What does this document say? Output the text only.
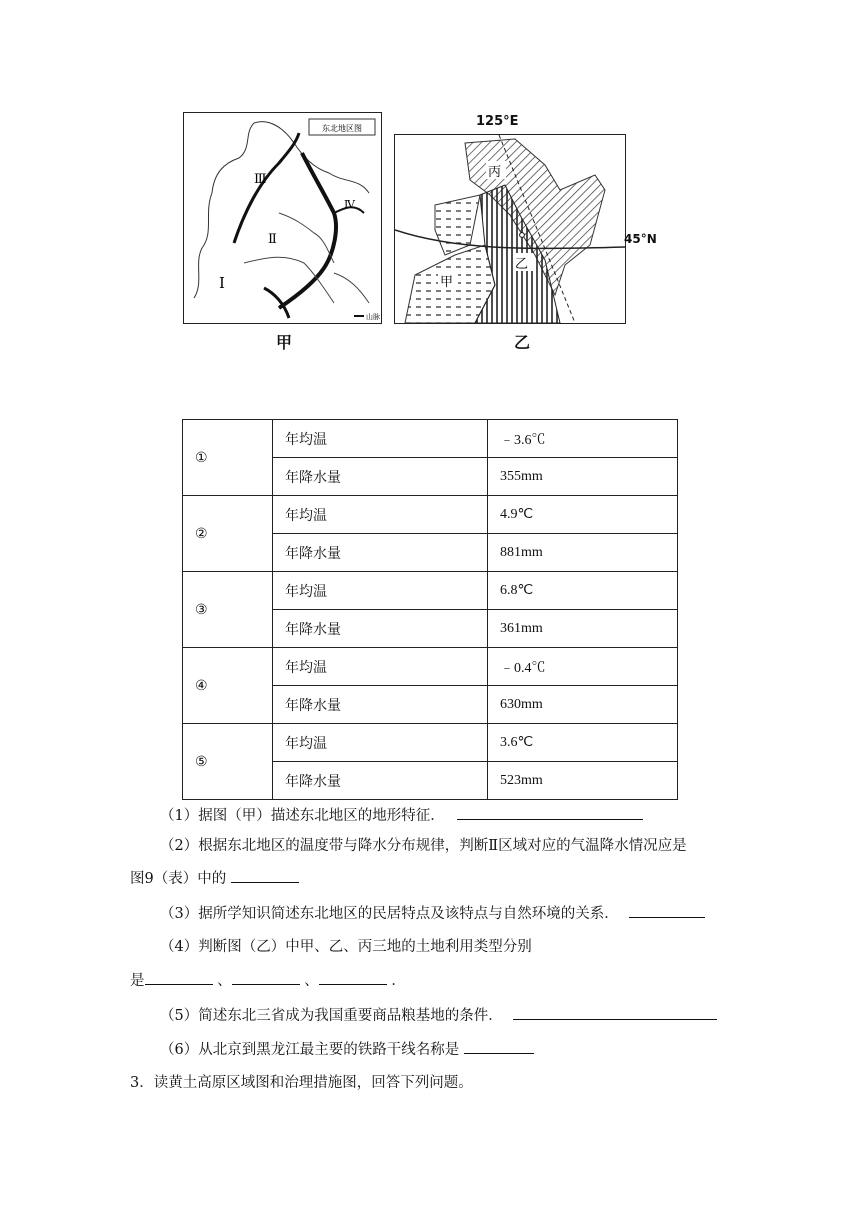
东北地区图
Ⅲ
Ⅱ
Ⅰ
Ⅳ
山脉
丙
甲
乙
125°E
45°N
甲	乙
①	年均温	﹣3.6℃
	年降水量	355mm
②	年均温	4.9℃
	年降水量	881mm
③	年均温	6.8℃
	年降水量	361mm
④	年均温	﹣0.4℃
	年降水量	630mm
⑤	年均温	3.6℃
	年降水量	523mm
（1）据图（甲）描述东北地区的地形特征．
（2）根据东北地区的温度带与降水分布规律，判断Ⅱ区域对应的气温降水情况应是
图9（表）中的
（3）据所学知识简述东北地区的民居特点及该特点与自然环境的关系．
（4）判断图（乙）中甲、乙、丙三地的土地利用类型分别
是	、	、	．
（5）简述东北三省成为我国重要商品粮基地的条件．
（6）从北京到黑龙江最主要的铁路干线名称是
3．读黄土高原区域图和治理措施图，回答下列问题。
